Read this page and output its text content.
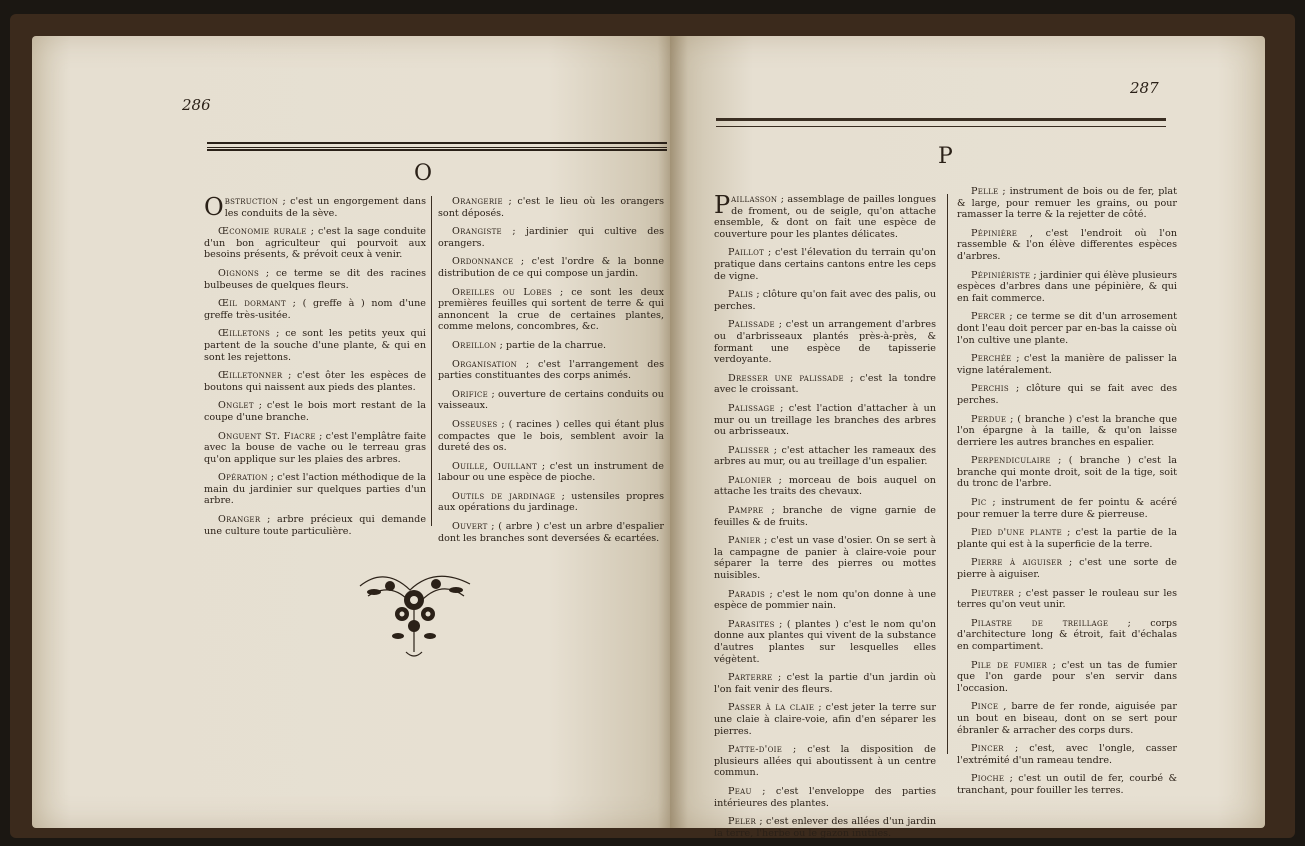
286
O

Obstruction ; c'est un engorgement dans les conduits de la sève.

Œconomie rurale ; c'est la sage conduite d'un bon agriculteur qui pourvoit aux besoins présents, & prévoit ceux à venir.

Oignons ; ce terme se dit des racines bulbeuses de quelques fleurs.

Œil dormant ; ( greffe à ) nom d'une greffe très-usitée.

Œilletons ; ce sont les petits yeux qui partent de la souche d'une plante, & qui en sont les rejettons.

Œilletonner ; c'est ôter les espèces de boutons qui naissent aux pieds des plantes.

Onglet ; c'est le bois mort restant de la coupe d'une branche.

Onguent St. Fiacre ; c'est l'emplâtre faite avec la bouse de vache ou le terreau gras qu'on applique sur les plaies des arbres.

Opération ; c'est l'action méthodique de la main du jardinier sur quelques parties d'un arbre.

Oranger ; arbre précieux qui demande une culture toute particulière.

Orangerie ; c'est le lieu où les orangers sont déposés.

Orangiste ; jardinier qui cultive des orangers.

Ordonnance ; c'est l'ordre & la bonne distribution de ce qui compose un jardin.

Oreilles ou Lobes ; ce sont les deux premières feuilles qui sortent de terre & qui annoncent la crue de certaines plantes, comme melons, concombres, &c.

Oreillon ; partie de la charrue.

Organisation ; c'est l'arrangement des parties constituantes des corps animés.

Orifice ; ouverture de certains conduits ou vaisseaux.

Osseuses ; ( racines ) celles qui étant plus compactes que le bois, semblent avoir la dureté des os.

Ouille, Ouillant ; c'est un instrument de labour ou une espèce de pioche.

Outils de jardinage ; ustensiles propres aux opérations du jardinage.

Ouvert ; ( arbre ) c'est un arbre d'espalier dont les branches sont deversées & ecartées.

287
P

Paillasson ; assemblage de pailles longues de froment, ou de seigle, qu'on attache ensemble, & dont on fait une espèce de couverture pour les plantes délicates.

Paillot ; c'est l'élevation du terrain qu'on pratique dans certains cantons entre les ceps de vigne.

Palis ; clôture qu'on fait avec des palis, ou perches.

Palissade ; c'est un arrangement d'arbres ou d'arbrisseaux plantés près-à-près, & formant une espèce de tapisserie verdoyante.

Dresser une palissade ; c'est la tondre avec le croissant.

Palissage ; c'est l'action d'attacher à un mur ou un treillage les branches des arbres ou arbrisseaux.

Palisser ; c'est attacher les rameaux des arbres au mur, ou au treillage d'un espalier.

Palonier ; morceau de bois auquel on attache les traits des chevaux.

Pampre ; branche de vigne garnie de feuilles & de fruits.

Panier ; c'est un vase d'osier. On se sert à la campagne de panier à claire-voie pour séparer la terre des pierres ou mottes nuisibles.

Paradis ; c'est le nom qu'on donne à une espèce de pommier nain.

Parasites ; ( plantes ) c'est le nom qu'on donne aux plantes qui vivent de la substance d'autres plantes sur lesquelles elles végètent.

Parterre ; c'est la partie d'un jardin où l'on fait venir des fleurs.

Passer à la claie ; c'est jeter la terre sur une claie à claire-voie, afin d'en séparer les pierres.

Patte-d'oie ; c'est la disposition de plusieurs allées qui aboutissent à un centre commun.

Peau ; c'est l'enveloppe des parties intérieures des plantes.

Peler ; c'est enlever des allées d'un jardin la terre, l'herbe ou le gazon inutiles.

Pelle ; instrument de bois ou de fer, plat & large, pour remuer les grains, ou pour ramasser la terre & la rejetter de côté.

Pépinière , c'est l'endroit où l'on rassemble & l'on élève differentes espèces d'arbres.

Pépiniériste ; jardinier qui élève plusieurs espèces d'arbres dans une pépinière, & qui en fait commerce.

Percer ; ce terme se dit d'un arrosement dont l'eau doit percer par en-bas la caisse où l'on cultive une plante.

Perchée ; c'est la manière de palisser la vigne latéralement.

Perchis ; clôture qui se fait avec des perches.

Perdue ; ( branche ) c'est la branche que l'on épargne à la taille, & qu'on laisse derriere les autres branches en espalier.

Perpendiculaire ; ( branche ) c'est la branche qui monte droit, soit de la tige, soit du tronc de l'arbre.

Pic ; instrument de fer pointu & acéré pour remuer la terre dure & pierreuse.

Pied d'une plante ; c'est la partie de la plante qui est à la superficie de la terre.

Pierre à aiguiser ; c'est une sorte de pierre à aiguiser.

Pieutrer ; c'est passer le rouleau sur les terres qu'on veut unir.

Pilastre de treillage ; corps d'architecture long & étroit, fait d'échalas en compartiment.

Pile de fumier ; c'est un tas de fumier que l'on garde pour s'en servir dans l'occasion.

Pince , barre de fer ronde, aiguisée par un bout en biseau, dont on se sert pour ébranler & arracher des corps durs.

Pincer ; c'est, avec l'ongle, casser l'extrémité d'un rameau tendre.

Pioche ; c'est un outil de fer, courbé & tranchant, pour fouiller les terres.
